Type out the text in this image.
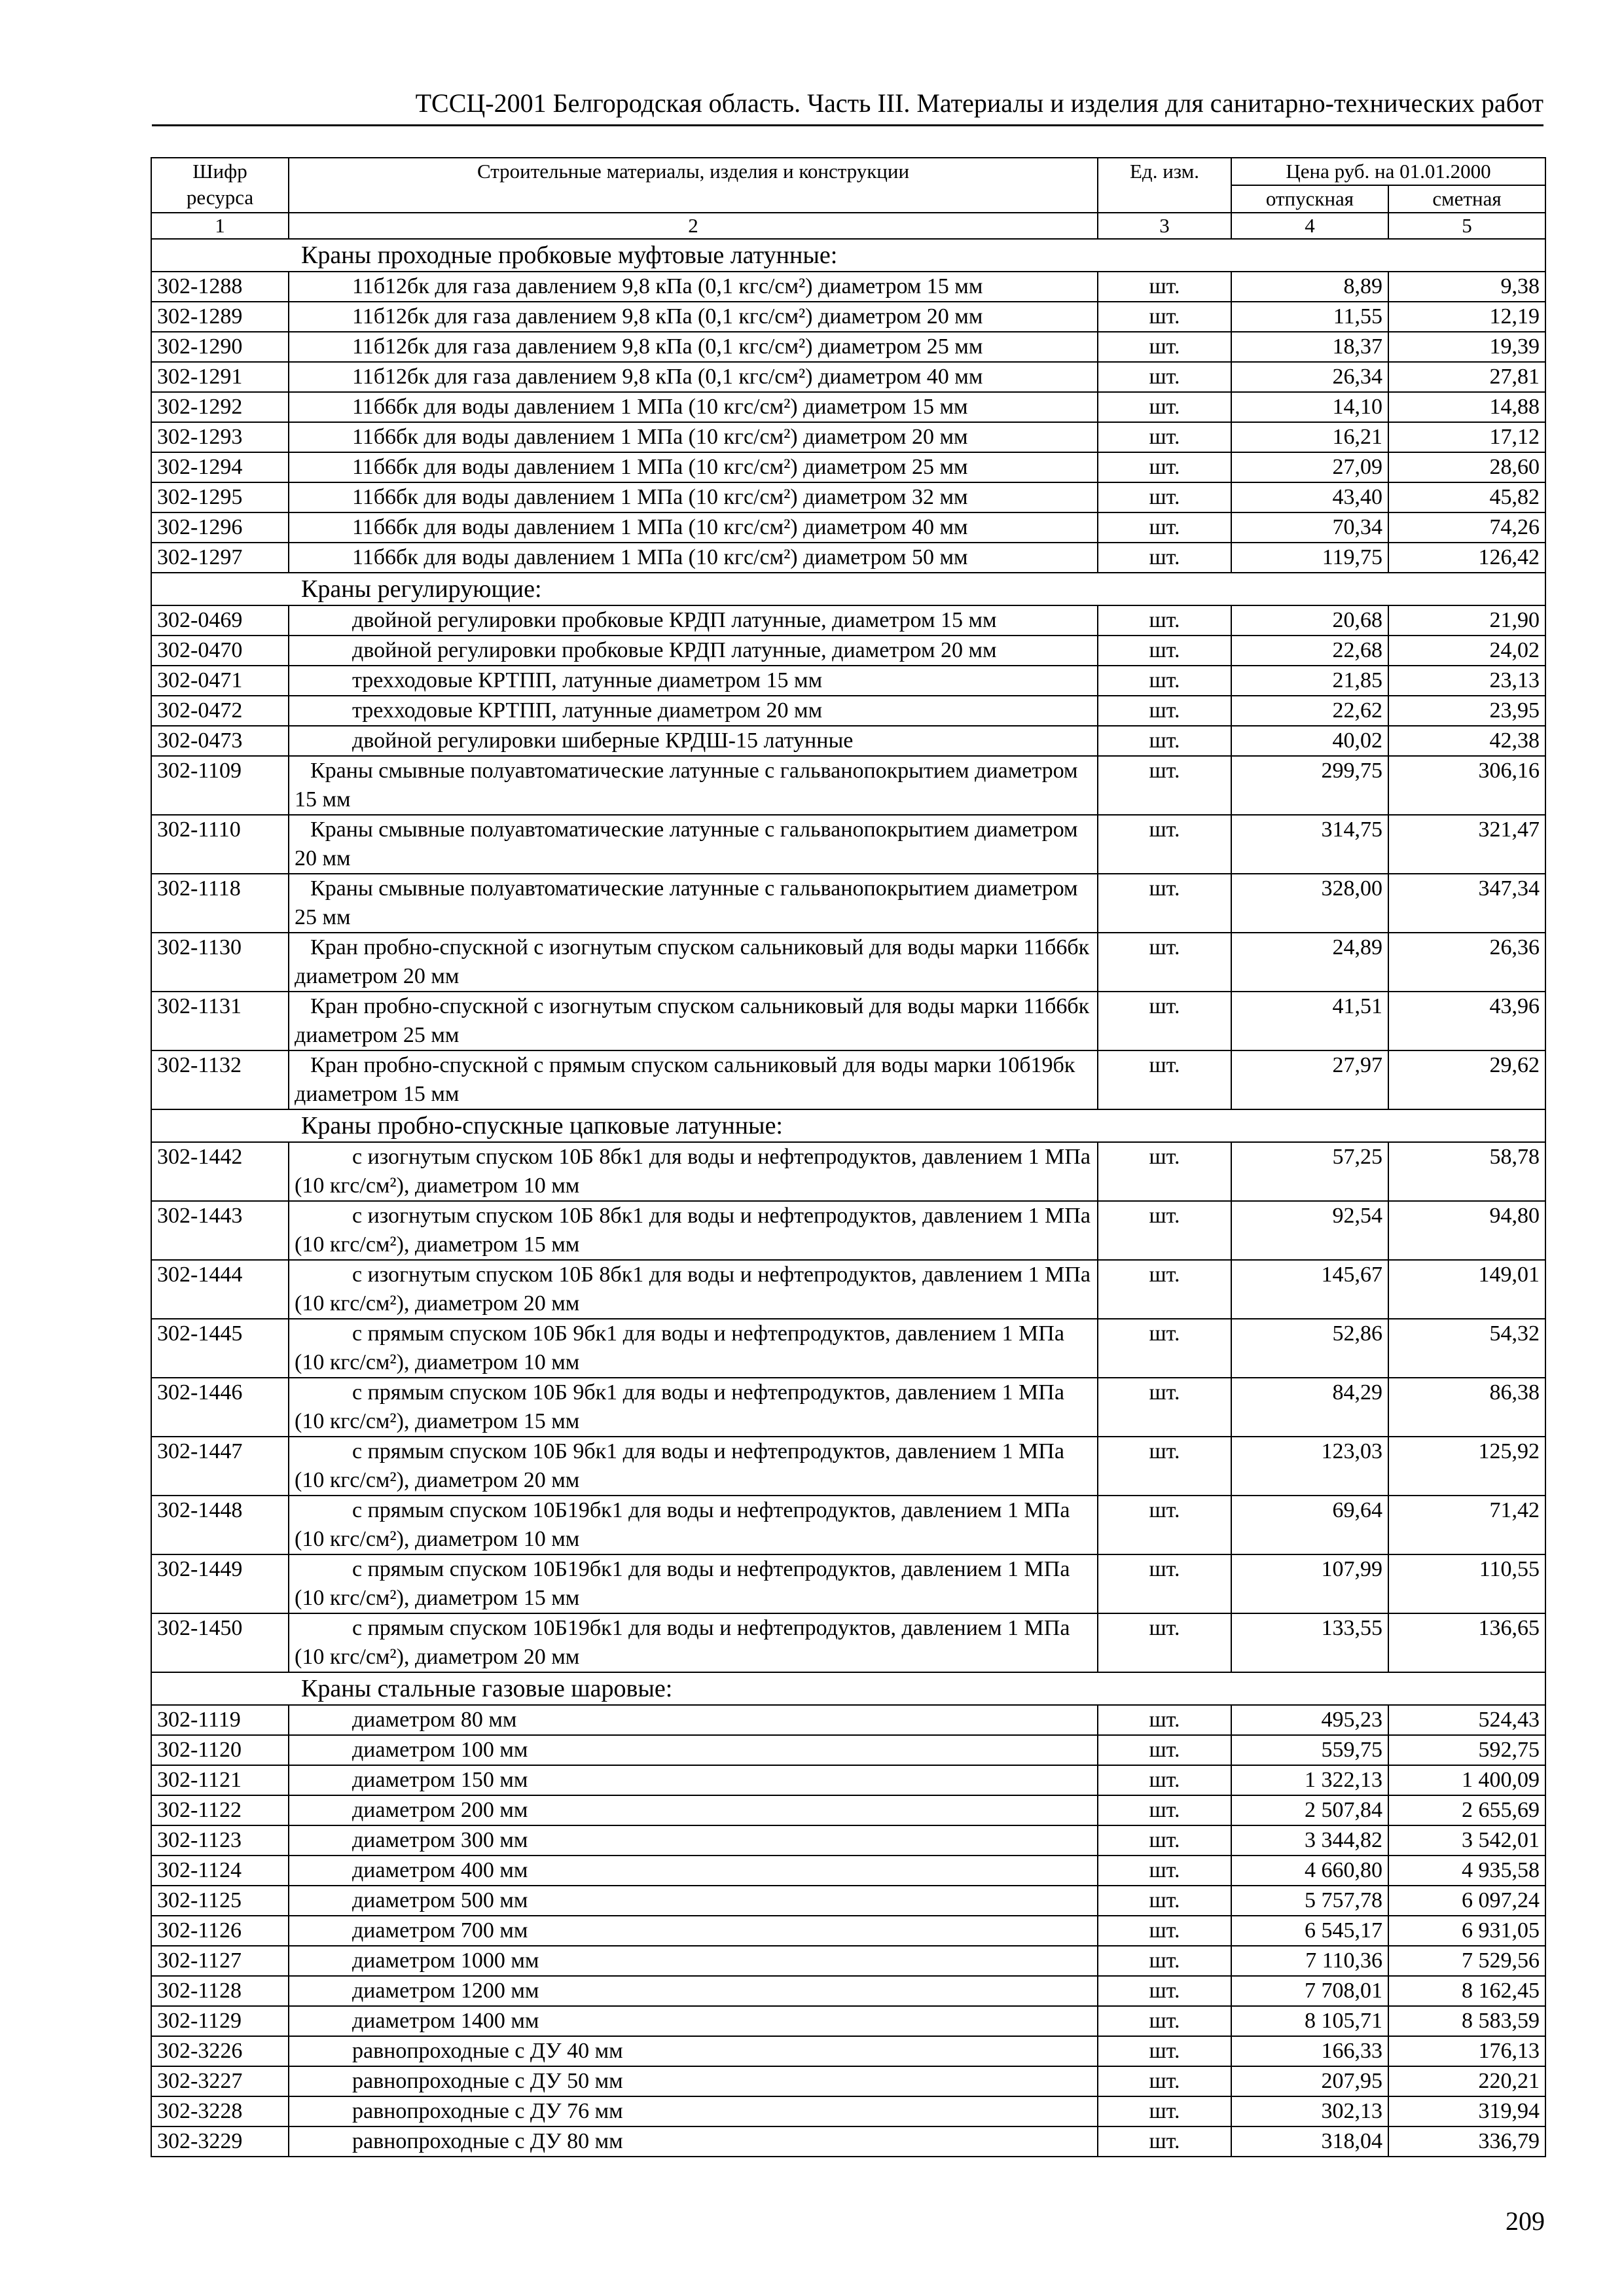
ТССЦ-2001 Белгородская область. Часть III. Материалы и изделия для санитарно-технических работ
Шифр ресурса	Строительные материалы, изделия и конструкции	Ед. изм.	Цена руб. на 01.01.2000	
			отпускная	сметная
1	2	3	4	5

Краны проходные пробковые муфтовые латунные:				

302-1288	11б12бк для газа давлением 9,8 кПа (0,1 кгс/см²) диаметром 15 мм	шт.	8,89	9,38
302-1289	11б12бк для газа давлением 9,8 кПа (0,1 кгс/см²) диаметром 20 мм	шт.	11,55	12,19
302-1290	11б12бк для газа давлением 9,8 кПа (0,1 кгс/см²) диаметром 25 мм	шт.	18,37	19,39
302-1291	11б12бк для газа давлением 9,8 кПа (0,1 кгс/см²) диаметром 40 мм	шт.	26,34	27,81
302-1292	11б6бк для воды давлением 1 МПа (10 кгс/см²) диаметром 15 мм	шт.	14,10	14,88
302-1293	11б6бк для воды давлением 1 МПа (10 кгс/см²) диаметром 20 мм	шт.	16,21	17,12
302-1294	11б6бк для воды давлением 1 МПа (10 кгс/см²) диаметром 25 мм	шт.	27,09	28,60
302-1295	11б6бк для воды давлением 1 МПа (10 кгс/см²) диаметром 32 мм	шт.	43,40	45,82
302-1296	11б6бк для воды давлением 1 МПа (10 кгс/см²) диаметром 40 мм	шт.	70,34	74,26
302-1297	11б6бк для воды давлением 1 МПа (10 кгс/см²) диаметром 50 мм	шт.	119,75	126,42

Краны регулирующие:				

302-0469	двойной регулировки пробковые КРДП латунные, диаметром 15 мм	шт.	20,68	21,90
302-0470	двойной регулировки пробковые КРДП латунные, диаметром 20 мм	шт.	22,68	24,02
302-0471	трехходовые КРТПП, латунные диаметром 15 мм	шт.	21,85	23,13
302-0472	трехходовые КРТПП, латунные диаметром 20 мм	шт.	22,62	23,95
302-0473	двойной регулировки шиберные КРДШ-15 латунные	шт.	40,02	42,38
302-1109	Краны смывные полуавтоматические латунные с гальванопокрытием диаметром 15 мм	шт.	299,75	306,16
302-1110	Краны смывные полуавтоматические латунные с гальванопокрытием диаметром 20 мм	шт.	314,75	321,47
302-1118	Краны смывные полуавтоматические латунные с гальванопокрытием диаметром 25 мм	шт.	328,00	347,34
302-1130	Кран пробно-спускной с изогнутым спуском сальниковый для воды марки 11б6бк диаметром 20 мм	шт.	24,89	26,36
302-1131	Кран пробно-спускной с изогнутым спуском сальниковый для воды марки 11б6бк диаметром 25 мм	шт.	41,51	43,96
302-1132	Кран пробно-спускной с прямым спуском сальниковый для воды марки 10б19бк диаметром 15 мм	шт.	27,97	29,62

Краны пробно-спускные цапковые латунные:				

302-1442	с изогнутым спуском 10Б 8бк1 для воды и нефтепродуктов, давлением 1 МПа (10 кгс/см²), диаметром 10 мм	шт.	57,25	58,78
302-1443	с изогнутым спуском 10Б 8бк1 для воды и нефтепродуктов, давлением 1 МПа (10 кгс/см²), диаметром 15 мм	шт.	92,54	94,80
302-1444	с изогнутым спуском 10Б 8бк1 для воды и нефтепродуктов, давлением 1 МПа (10 кгс/см²), диаметром 20 мм	шт.	145,67	149,01
302-1445	с прямым спуском 10Б 9бк1 для воды и нефтепродуктов, давлением 1 МПа (10 кгс/см²), диаметром 10 мм	шт.	52,86	54,32
302-1446	с прямым спуском 10Б 9бк1 для воды и нефтепродуктов, давлением 1 МПа (10 кгс/см²), диаметром 15 мм	шт.	84,29	86,38
302-1447	с прямым спуском 10Б 9бк1 для воды и нефтепродуктов, давлением 1 МПа (10 кгс/см²), диаметром 20 мм	шт.	123,03	125,92
302-1448	с прямым спуском 10Б19бк1 для воды и нефтепродуктов, давлением 1 МПа (10 кгс/см²), диаметром 10 мм	шт.	69,64	71,42
302-1449	с прямым спуском 10Б19бк1 для воды и нефтепродуктов, давлением 1 МПа (10 кгс/см²), диаметром 15 мм	шт.	107,99	110,55
302-1450	с прямым спуском 10Б19бк1 для воды и нефтепродуктов, давлением 1 МПа (10 кгс/см²), диаметром 20 мм	шт.	133,55	136,65

Краны стальные газовые шаровые:				

302-1119	диаметром 80 мм	шт.	495,23	524,43
302-1120	диаметром 100 мм	шт.	559,75	592,75
302-1121	диаметром 150 мм	шт.	1 322,13	1 400,09
302-1122	диаметром 200 мм	шт.	2 507,84	2 655,69
302-1123	диаметром 300 мм	шт.	3 344,82	3 542,01
302-1124	диаметром 400 мм	шт.	4 660,80	4 935,58
302-1125	диаметром 500 мм	шт.	5 757,78	6 097,24
302-1126	диаметром 700 мм	шт.	6 545,17	6 931,05
302-1127	диаметром 1000 мм	шт.	7 110,36	7 529,56
302-1128	диаметром 1200 мм	шт.	7 708,01	8 162,45
302-1129	диаметром 1400 мм	шт.	8 105,71	8 583,59
302-3226	равнопроходные с ДУ 40 мм	шт.	166,33	176,13
302-3227	равнопроходные с ДУ 50 мм	шт.	207,95	220,21
302-3228	равнопроходные с ДУ 76 мм	шт.	302,13	319,94
302-3229	равнопроходные с ДУ 80 мм	шт.	318,04	336,79
209
